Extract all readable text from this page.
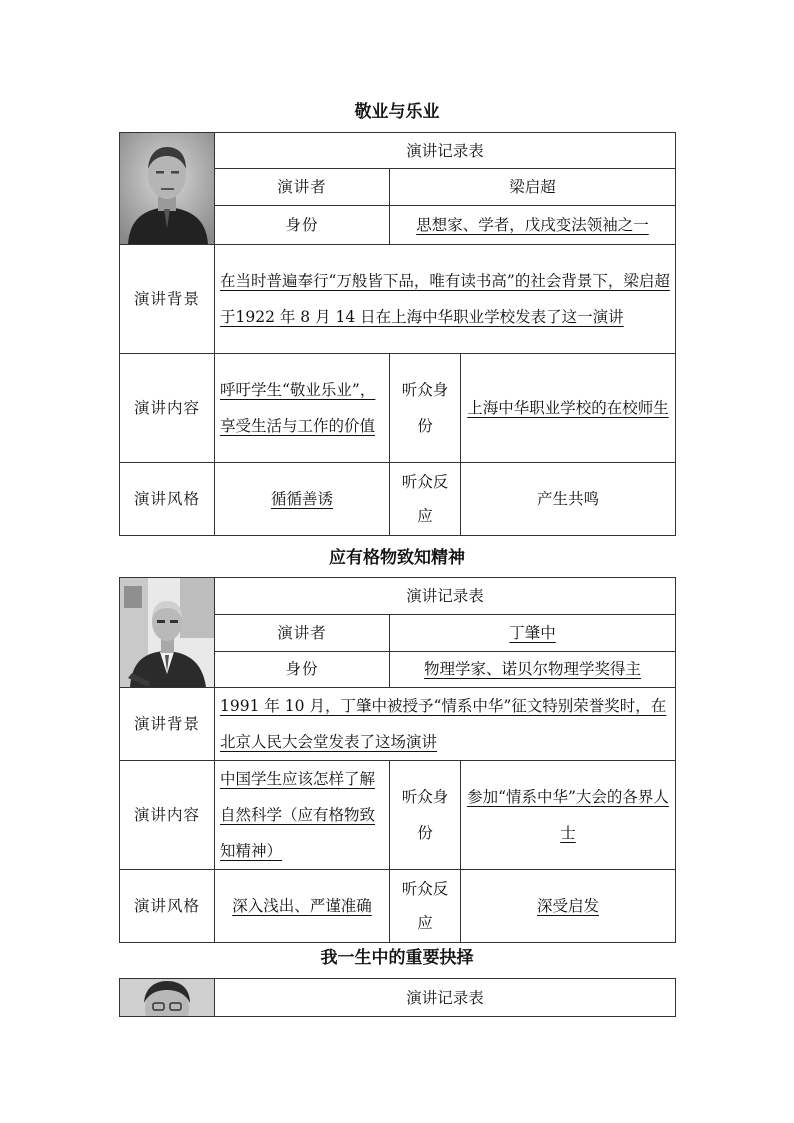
敬业与乐业
	演讲记录表		
	演讲者	梁启超	
	身份	思想家、学者，戊戌变法领袖之一	
演讲背景	在当时普遍奉行“万般皆下品，唯有读书高”的社会背景下，梁启超于1922 年 8 月 14 日在上海中华职业学校发表了这一演讲		
演讲内容	呼吁学生“敬业乐业”，享受生活与工作的价值	听众身份	上海中华职业学校的在校师生
演讲风格	循循善诱	听众反应	产生共鸣
应有格物致知精神
	演讲记录表		
	演讲者	丁肇中	
	身份	物理学家、诺贝尔物理学奖得主	
演讲背景	1991 年 10 月，丁肇中被授予“情系中华”征文特别荣誉奖时，在北京人民大会堂发表了这场演讲		
演讲内容	中国学生应该怎样了解自然科学（应有格物致知精神）	听众身份	参加“情系中华”大会的各界人士
演讲风格	深入浅出、严谨准确	听众反应	深受启发
我一生中的重要抉择
	演讲记录表
